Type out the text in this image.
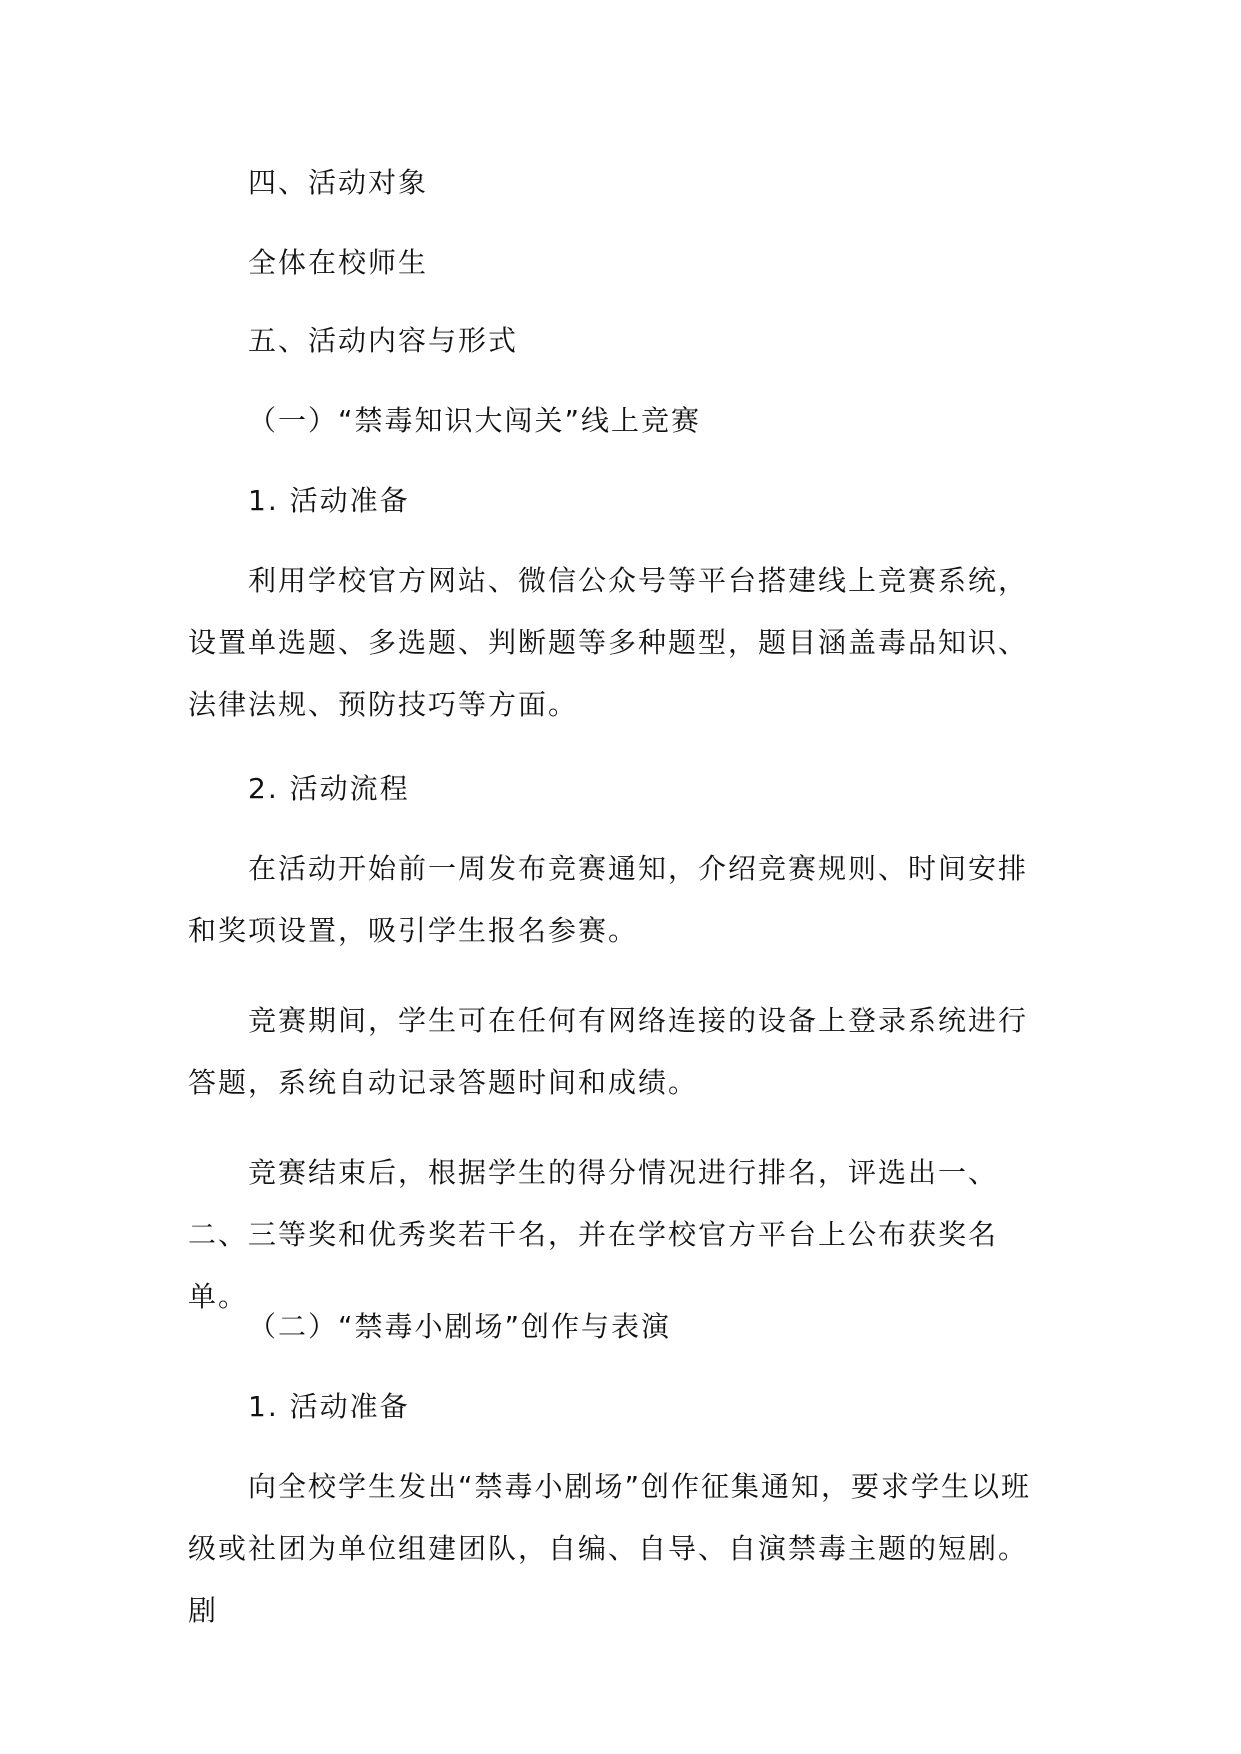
四、活动对象

全体在校师生

五、活动内容与形式

（一）“禁毒知识大闯关”线上竞赛

1. 活动准备

利用学校官方网站、微信公众号等平台搭建线上竞赛系统，设置单选题、多选题、判断题等多种题型，题目涵盖毒品知识、法律法规、预防技巧等方面。

2. 活动流程

在活动开始前一周发布竞赛通知，介绍竞赛规则、时间安排和奖项设置，吸引学生报名参赛。

竞赛期间，学生可在任何有网络连接的设备上登录系统进行答题，系统自动记录答题时间和成绩。

竞赛结束后，根据学生的得分情况进行排名，评选出一、二、三等奖和优秀奖若干名，并在学校官方平台上公布获奖名单。

（二）“禁毒小剧场”创作与表演

1. 活动准备

向全校学生发出“禁毒小剧场”创作征集通知，要求学生以班级或社团为单位组建团队，自编、自导、自演禁毒主题的短剧。剧
